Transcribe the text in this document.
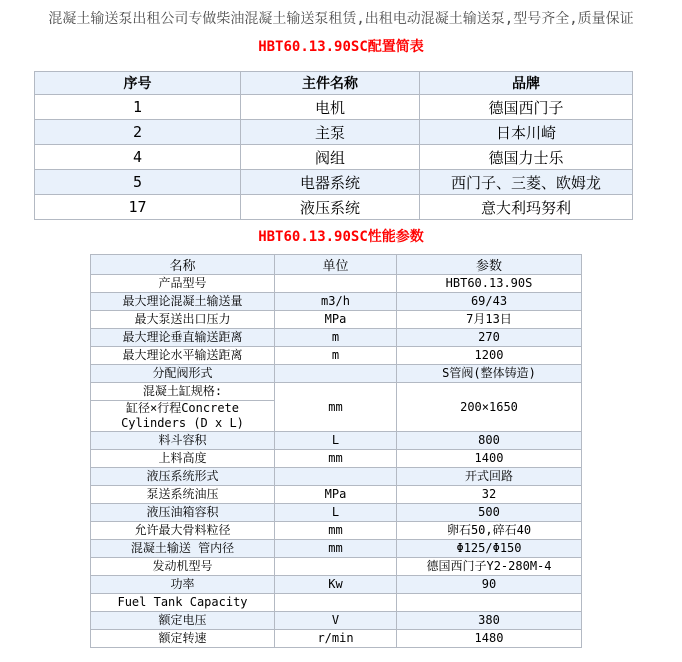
混凝土输送泵出租公司专做柴油混凝土输送泵租赁,出租电动混凝土输送泵,型号齐全,质量保证

HBT60.13.90SC配置简表
序号	主件名称	品牌
1	电机	德国西门子
2	主泵	日本川崎
4	阀组	德国力士乐
5	电器系统	西门子、三菱、欧姆龙
17	液压系统	意大利玛努利
HBT60.13.90SC性能参数
名称	单位	参数
产品型号		HBT60.13.90S
最大理论混凝土输送量	m3/h	69/43
最大泵送出口压力	MPa	7月13日
最大理论垂直输送距离	m	270
最大理论水平输送距离	m	1200
分配阀形式		S管阀(整体铸造)
混凝土缸规格:	mm	200×1650
缸径×行程Concrete Cylinders (D x L)		
料斗容积	L	800
上料高度	mm	1400
液压系统形式		开式回路
泵送系统油压	MPa	32
液压油箱容积	L	500
允许最大骨料粒径	mm	卵石50,碎石40
混凝土输送 管内径	mm	Φ125/Φ150
发动机型号		德国西门子Y2-280M-4
功率	Kw	90
Fuel Tank Capacity		
额定电压	V	380
额定转速	r/min	1480
